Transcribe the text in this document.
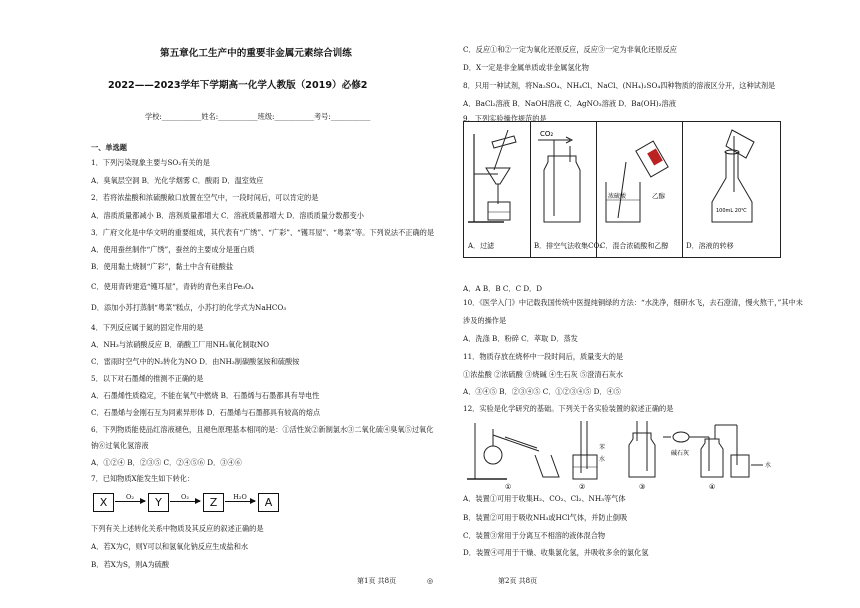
第五章化工生产中的重要非金属元素综合训练
2022——2023学年下学期高一化学人教版（2019）必修2
学校:___________姓名:___________班级:___________考号:___________
一、单选题
1．下列污染现象主要与SO₂有关的是
A．臭氧层空洞 B．光化学烟雾 C．酸雨 D．温室效应
2．若将浓盐酸和浓硫酸敞口放置在空气中，一段时间后，可以肯定的是
A．溶质质量都减小 B．溶剂质量都增大 C．溶液质量都增大 D．溶质质量分数都变小
3．广府文化是中华文明的重要组成，其代表有“广绣”、“广彩”、“镬耳屋”、“粤菜”等。下列说法不正确的是
A．使用蚕丝制作“广绣”，蚕丝的主要成分是蛋白质
B．使用黏土烧制“广彩”，黏土中含有硅酸盐
C．使用青砖建造“镬耳屋”，青砖的青色来自Fe₃O₄
D．添加小苏打蒸制“粤菜”糕点，小苏打的化学式为NaHCO₃
4．下列反应属于氮的固定作用的是
A．NH₃与浓硝酸反应 B．硝酸工厂用NH₃氧化制取NO
C．雷雨时空气中的N₂转化为NO D．由NH₃制碳酸氢铵和硫酸铵
5．以下对石墨烯的推测不正确的是
A．石墨烯性质稳定，不能在氧气中燃烧 B．石墨烯与石墨都具有导电性
C．石墨烯与金刚石互为同素异形体 D．石墨烯与石墨都具有较高的熔点
6．下列物质能使品红溶液褪色，且褪色原理基本相同的是：①活性炭②新制氯水③二氧化硫④臭氧⑤过氧化
钠⑥过氧化氢溶液
A．①②④ B．②③⑤ C．②④⑤⑥ D．③④⑥
7．已知物质X能发生如下转化：
X	O₂	Y	O₂	Z	H₂O	A
下列有关上述转化关系中物质及其反应的叙述正确的是
A．若X为C，则Y可以和氢氧化钠反应生成盐和水
B．若X为S，则A为硫酸
第1页 共8页
C．反应①和②一定为氧化还原反应，反应③一定为非氧化还原反应
D．X一定是非金属单质或非金属氢化物
8．只用一种试剂，将Na₂SO₄、NH₄Cl、NaCl、(NH₄)₂SO₄四种物质的溶液区分开，这种试剂是
A．BaCl₂溶液 B．NaOH溶液 C．AgNO₃溶液 D．Ba(OH)₂溶液
9．下列实验操作规范的是
A．过滤
CO₂
B．排空气法收集CO₂
乙醇
浓硫酸
C．混合浓硫酸和乙醇
100mL 20℃
D．溶液的转移
A．A B．B C．C D．D
10．《医学入门》中记载我国传统中医提纯铜绿的方法：“水洗净，细研水飞，去石澄清，慢火熬干，”其中未
涉及的操作是
A．洗涤 B．粉碎 C．萃取 D．蒸发
11．物质存放在烧杯中一段时间后，质量变大的是
①浓盐酸 ②浓硫酸 ③烧碱 ④生石灰 ⑤澄清石灰水
A．③④⑤ B．②③④⑤ C．①②③④⑤ D．④⑤
12．实验是化学研究的基础。下列关于各实验装置的叙述正确的是
①
苯
水
②	③
碱石灰
水
④
A．装置①可用于收集H₂、CO₂、Cl₂、NH₃等气体
B．装置②可用于吸收NH₃或HCl气体，并防止倒吸
C．装置③常用于分离互不相溶的液体混合物
D．装置④可用于干燥、收集氯化氢，并吸收多余的氯化氢
◎	第2页 共8页
